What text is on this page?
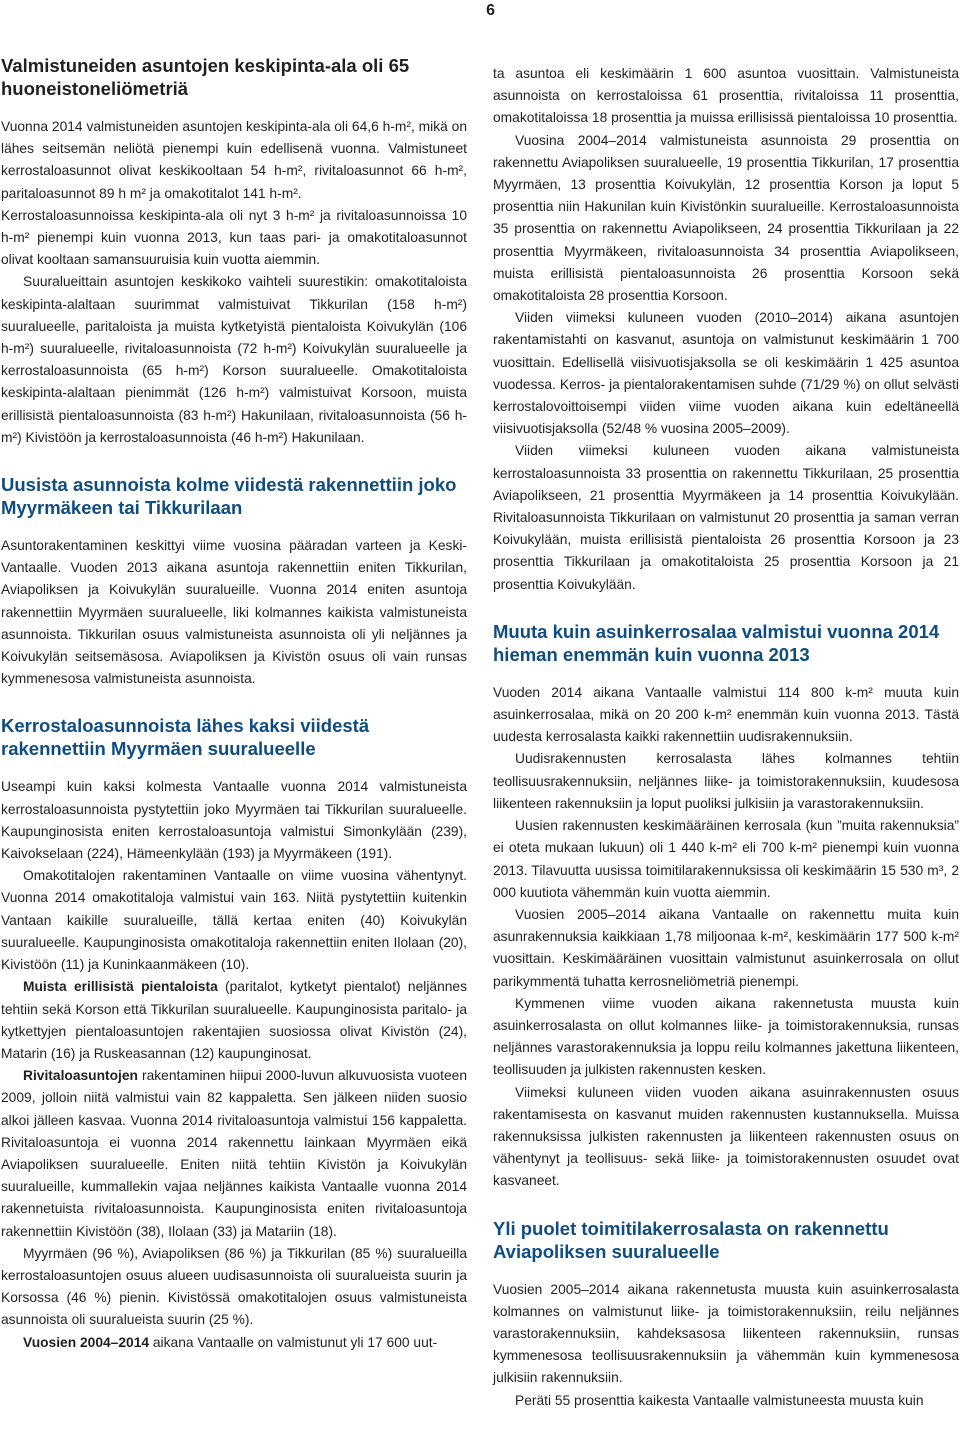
6
Valmistuneiden asuntojen keskipinta-ala oli 65 huoneistoneliömetriä

Vuonna 2014 valmistuneiden asuntojen keskipinta-ala oli 64,6 h-m², mikä on lähes seitsemän neliötä pienempi kuin edellisenä vuonna. Valmistuneet kerrostaloasunnot olivat keskikooltaan 54 h-m², rivitaloasunnot 66 h-m², paritaloasunnot 89 h m² ja omakotitalot 141 h-m².

Kerrostaloasunnoissa keskipinta-ala oli nyt 3 h-m² ja rivitaloasunnoissa 10 h-m² pienempi kuin vuonna 2013, kun taas pari- ja omakotitaloasunnot olivat kooltaan samansuuruisia kuin vuotta aiemmin.

Suuralueittain asuntojen keskikoko vaihteli suurestikin: omakotitaloista keskipinta-alaltaan suurimmat valmistuivat Tikkurilan (158 h-m²) suuralueelle, paritaloista ja muista kytketyistä pientaloista Koivukylän (106 h-m²) suuralueelle, rivitaloasunnoista (72 h-m²) Koivukylän suuralueelle ja kerrostaloasunnoista (65 h-m²) Korson suuralueelle. Omakotitaloista keskipinta-alaltaan pienimmät (126 h-m²) valmistuivat Korsoon, muista erillisistä pientaloasunnoista (83 h-m²) Hakunilaan, rivitaloasunnoista (56 h-m²) Kivistöön ja kerrostaloasunnoista (46 h-m²) Hakunilaan.

Uusista asunnoista kolme viidestä rakennettiin joko Myyrmäkeen tai Tikkurilaan

Asuntorakentaminen keskittyi viime vuosina pääradan varteen ja Keski-Vantaalle. Vuoden 2013 aikana asuntoja rakennettiin eniten Tikkurilan, Aviapoliksen ja Koivukylän suuralueille. Vuonna 2014 eniten asuntoja rakennettiin Myyrmäen suuralueelle, liki kolmannes kaikista valmistuneista asunnoista. Tikkurilan osuus valmistuneista asunnoista oli yli neljännes ja Koivukylän seitsemäsosa. Aviapoliksen ja Kivistön osuus oli vain runsas kymmenesosa valmistuneista asunnoista.

Kerrostaloasunnoista lähes kaksi viidestä rakennettiin Myyrmäen suuralueelle

Useampi kuin kaksi kolmesta Vantaalle vuonna 2014 valmistuneista kerrostaloasunnoista pystytettiin joko Myyrmäen tai Tikkurilan suuralueelle. Kaupunginosista eniten kerrostaloasuntoja valmistui Simonkylään (239), Kaivokselaan (224), Hämeenkylään (193) ja Myyrmäkeen (191).

Omakotitalojen rakentaminen Vantaalle on viime vuosina vähentynyt. Vuonna 2014 omakotitaloja valmistui vain 163. Niitä pystytettiin kuitenkin Vantaan kaikille suuralueille, tällä kertaa eniten (40) Koivukylän suuralueelle. Kaupunginosista omakotitaloja rakennettiin eniten Ilolaan (20), Kivistöön (11) ja Kuninkaanmäkeen (10).

Muista erillisistä pientaloista (paritalot, kytketyt pientalot) neljännes tehtiin sekä Korson että Tikkurilan suuralueelle. Kaupunginosista paritalo- ja kytkettyjen pientaloasuntojen rakentajien suosiossa olivat Kivistön (24), Matarin (16) ja Ruskeasannan (12) kaupunginosat.

Rivitaloasuntojen rakentaminen hiipui 2000-luvun alkuvuosista vuoteen 2009, jolloin niitä valmistui vain 82 kappaletta. Sen jälkeen niiden suosio alkoi jälleen kasvaa. Vuonna 2014 rivitaloasuntoja valmistui 156 kappaletta. Rivitaloasuntoja ei vuonna 2014 rakennettu lainkaan Myyrmäen eikä Aviapoliksen suuralueelle. Eniten niitä tehtiin Kivistön ja Koivukylän suuralueille, kummallekin vajaa neljännes kaikista Vantaalle vuonna 2014 rakennetuista rivitaloasunnoista. Kaupunginosista eniten rivitaloasuntoja rakennettiin Kivistöön (38), Ilolaan (33) ja Matariin (18).

Myyrmäen (96 %), Aviapoliksen (86 %) ja Tikkurilan (85 %) suuralueilla kerrostaloasuntojen osuus alueen uudisasunnoista oli suuralueista suurin ja Korsossa (46 %) pienin. Kivistössä omakotitalojen osuus valmistuneista asunnoista oli suuralueista suurin (25 %).

Vuosien 2004–2014 aikana Vantaalle on valmistunut yli 17 600 uut-

ta asuntoa eli keskimäärin 1 600 asuntoa vuosittain. Valmistuneista asunnoista on kerrostaloissa 61 prosenttia, rivitaloissa 11 prosenttia, omakotitaloissa 18 prosenttia ja muissa erillisissä pientaloissa 10 prosenttia.

Vuosina 2004–2014 valmistuneista asunnoista 29 prosenttia on rakennettu Aviapoliksen suuralueelle, 19 prosenttia Tikkurilan, 17 prosenttia Myyrmäen, 13 prosenttia Koivukylän, 12 prosenttia Korson ja loput 5 prosenttia niin Hakunilan kuin Kivistönkin suuralueille. Kerrostaloasunnoista 35 prosenttia on rakennettu Aviapolikseen, 24 prosenttia Tikkurilaan ja 22 prosenttia Myyrmäkeen, rivitaloasunnoista 34 prosenttia Aviapolikseen, muista erillisistä pientaloasunnoista 26 prosenttia Korsoon sekä omakotitaloista 28 prosenttia Korsoon.

Viiden viimeksi kuluneen vuoden (2010–2014) aikana asuntojen rakentamistahti on kasvanut, asuntoja on valmistunut keskimäärin 1 700 vuosittain. Edellisellä viisivuotisjaksolla se oli keskimäärin 1 425 asuntoa vuodessa. Kerros- ja pientalorakentamisen suhde (71/29 %) on ollut selvästi kerrostalovoittoisempi viiden viime vuoden aikana kuin edeltäneellä viisivuotisjaksolla (52/48 % vuosina 2005–2009).

Viiden viimeksi kuluneen vuoden aikana valmistuneista kerrostaloasunnoista 33 prosenttia on rakennettu Tikkurilaan, 25 prosenttia Aviapolikseen, 21 prosenttia Myyrmäkeen ja 14 prosenttia Koivukylään. Rivitaloasunnoista Tikkurilaan on valmistunut 20 prosenttia ja saman verran Koivukylään, muista erillisistä pientaloista 26 prosenttia Korsoon ja 23 prosenttia Tikkurilaan ja omakotitaloista 25 prosenttia Korsoon ja 21 prosenttia Koivukylään.

Muuta kuin asuinkerrosalaa valmistui vuonna 2014 hieman enemmän kuin vuonna 2013

Vuoden 2014 aikana Vantaalle valmistui 114 800 k-m² muuta kuin asuinkerrosalaa, mikä on 20 200 k-m² enemmän kuin vuonna 2013. Tästä uudesta kerrosalasta kaikki rakennettiin uudisrakennuksiin.

Uudisrakennusten kerrosalasta lähes kolmannes tehtiin teollisuusrakennuksiin, neljännes liike- ja toimistorakennuksiin, kuudesosa liikenteen rakennuksiin ja loput puoliksi julkisiin ja varastorakennuksiin.

Uusien rakennusten keskimääräinen kerrosala (kun ”muita rakennuksia” ei oteta mukaan lukuun) oli 1 440 k-m² eli 700 k-m² pienempi kuin vuonna 2013. Tilavuutta uusissa toimitilarakennuksissa oli keskimäärin 15 530 m³, 2 000 kuutiota vähemmän kuin vuotta aiemmin.

Vuosien 2005–2014 aikana Vantaalle on rakennettu muita kuin asunrakennuksia kaikkiaan 1,78 miljoonaa k-m², keskimäärin 177 500 k-m² vuosittain. Keskimääräinen vuosittain valmistunut asuinkerrosala on ollut parikymmentä tuhatta kerrosneliömetriä pienempi.

Kymmenen viime vuoden aikana rakennetusta muusta kuin asuinkerrosalasta on ollut kolmannes liike- ja toimistorakennuksia, runsas neljännes varastorakennuksia ja loppu reilu kolmannes jakettuna liikenteen, teollisuuden ja julkisten rakennusten kesken.

Viimeksi kuluneen viiden vuoden aikana asuinrakennusten osuus rakentamisesta on kasvanut muiden rakennusten kustannuksella. Muissa rakennuksissa julkisten rakennusten ja liikenteen rakennusten osuus on vähentynyt ja teollisuus- sekä liike- ja toimistorakennusten osuudet ovat kasvaneet.

Yli puolet toimitilakerrosalasta on rakennettu Aviapoliksen suuralueelle

Vuosien 2005–2014 aikana rakennetusta muusta kuin asuinkerrosalasta kolmannes on valmistunut liike- ja toimistorakennuksiin, reilu neljännes varastorakennuksiin, kahdeksasosa liikenteen rakennuksiin, runsas kymmenesosa teollisuusrakennuksiin ja vähemmän kuin kymmenesosa julkisiin rakennuksiin.

Peräti 55 prosenttia kaikesta Vantaalle valmistuneesta muusta kuin
